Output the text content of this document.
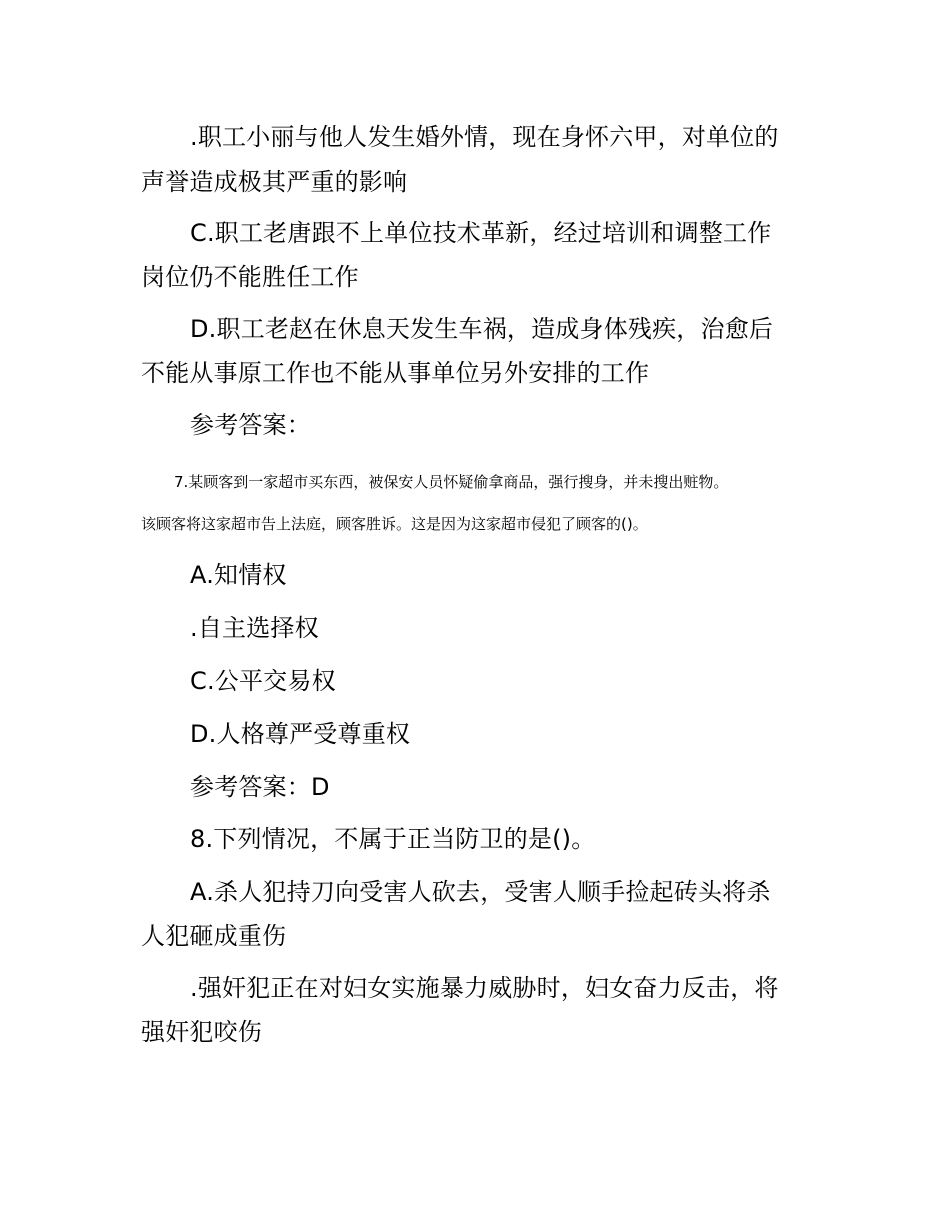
.职工小丽与他人发生婚外情，现在身怀六甲，对单位的

声誉造成极其严重的影响

C.职工老唐跟不上单位技术革新，经过培训和调整工作

岗位仍不能胜任工作

D.职工老赵在休息天发生车祸，造成身体残疾，治愈后

不能从事原工作也不能从事单位另外安排的工作

参考答案：

7.某顾客到一家超市买东西，被保安人员怀疑偷拿商品，强行搜身，并未搜出赃物。

该顾客将这家超市告上法庭，顾客胜诉。这是因为这家超市侵犯了顾客的()。

A.知情权

.自主选择权

C.公平交易权

D.人格尊严受尊重权

参考答案：D

8.下列情况，不属于正当防卫的是()。

A.杀人犯持刀向受害人砍去，受害人顺手捡起砖头将杀

人犯砸成重伤

.强奸犯正在对妇女实施暴力威胁时，妇女奋力反击，将

强奸犯咬伤
